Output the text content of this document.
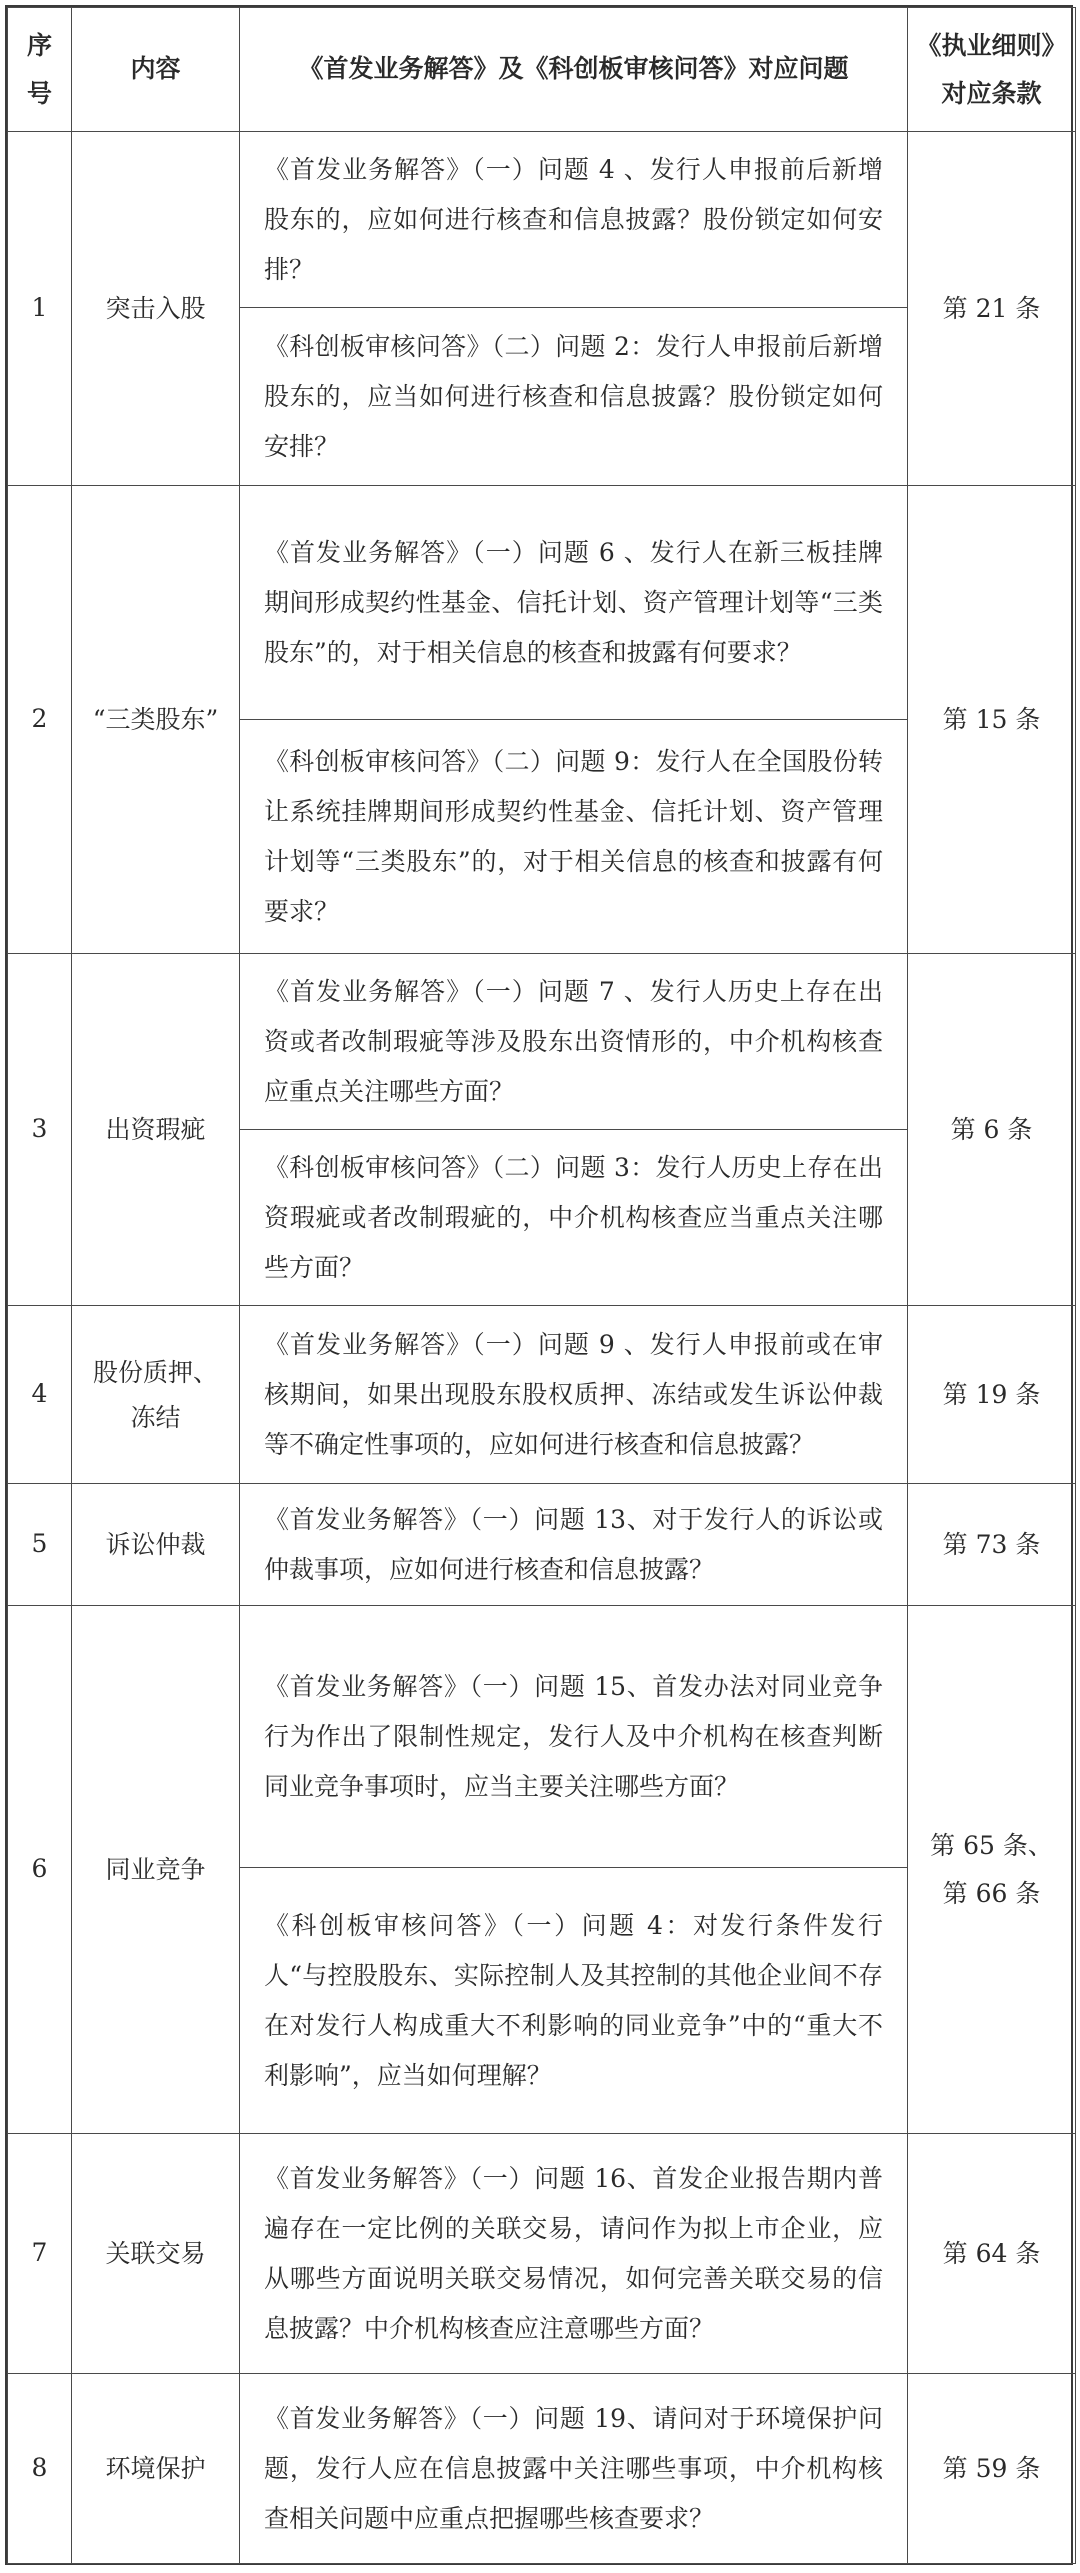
序号	内容	《首发业务解答》及《科创板审核问答》对应问题	《执业细则》对应条款
1	突击入股	《首发业务解答》（一）问题 4 、发行人申报前后新增股东的，应如何进行核查和信息披露？股份锁定如何安排？	第 21 条
		《科创板审核问答》（二）问题 2：发行人申报前后新增股东的，应当如何进行核查和信息披露？股份锁定如何安排？	
2	“三类股东”	《首发业务解答》（一）问题 6 、发行人在新三板挂牌期间形成契约性基金、信托计划、资产管理计划等“三类股东”的，对于相关信息的核查和披露有何要求？	第 15 条
		《科创板审核问答》（二）问题 9：发行人在全国股份转让系统挂牌期间形成契约性基金、信托计划、资产管理计划等“三类股东”的，对于相关信息的核查和披露有何要求？	
3	出资瑕疵	《首发业务解答》（一）问题 7 、发行人历史上存在出资或者改制瑕疵等涉及股东出资情形的，中介机构核查应重点关注哪些方面？	第 6 条
		《科创板审核问答》（二）问题 3：发行人历史上存在出资瑕疵或者改制瑕疵的，中介机构核查应当重点关注哪些方面？	
4	股份质押、冻结	《首发业务解答》（一）问题 9 、发行人申报前或在审核期间，如果出现股东股权质押、冻结或发生诉讼仲裁等不确定性事项的，应如何进行核查和信息披露？	第 19 条
5	诉讼仲裁	《首发业务解答》（一）问题 13、对于发行人的诉讼或仲裁事项，应如何进行核查和信息披露？	第 73 条
6	同业竞争	《首发业务解答》（一）问题 15、首发办法对同业竞争行为作出了限制性规定，发行人及中介机构在核查判断同业竞争事项时，应当主要关注哪些方面？	第 65 条、第 66 条
		《科创板审核问答》（一）问题 4：对发行条件发行人“与控股股东、实际控制人及其控制的其他企业间不存在对发行人构成重大不利影响的同业竞争”中的“重大不利影响”，应当如何理解？	
7	关联交易	《首发业务解答》（一）问题 16、首发企业报告期内普遍存在一定比例的关联交易，请问作为拟上市企业，应从哪些方面说明关联交易情况，如何完善关联交易的信息披露？中介机构核查应注意哪些方面？	第 64 条
8	环境保护	《首发业务解答》（一）问题 19、请问对于环境保护问题，发行人应在信息披露中关注哪些事项，中介机构核查相关问题中应重点把握哪些核查要求？	第 59 条
